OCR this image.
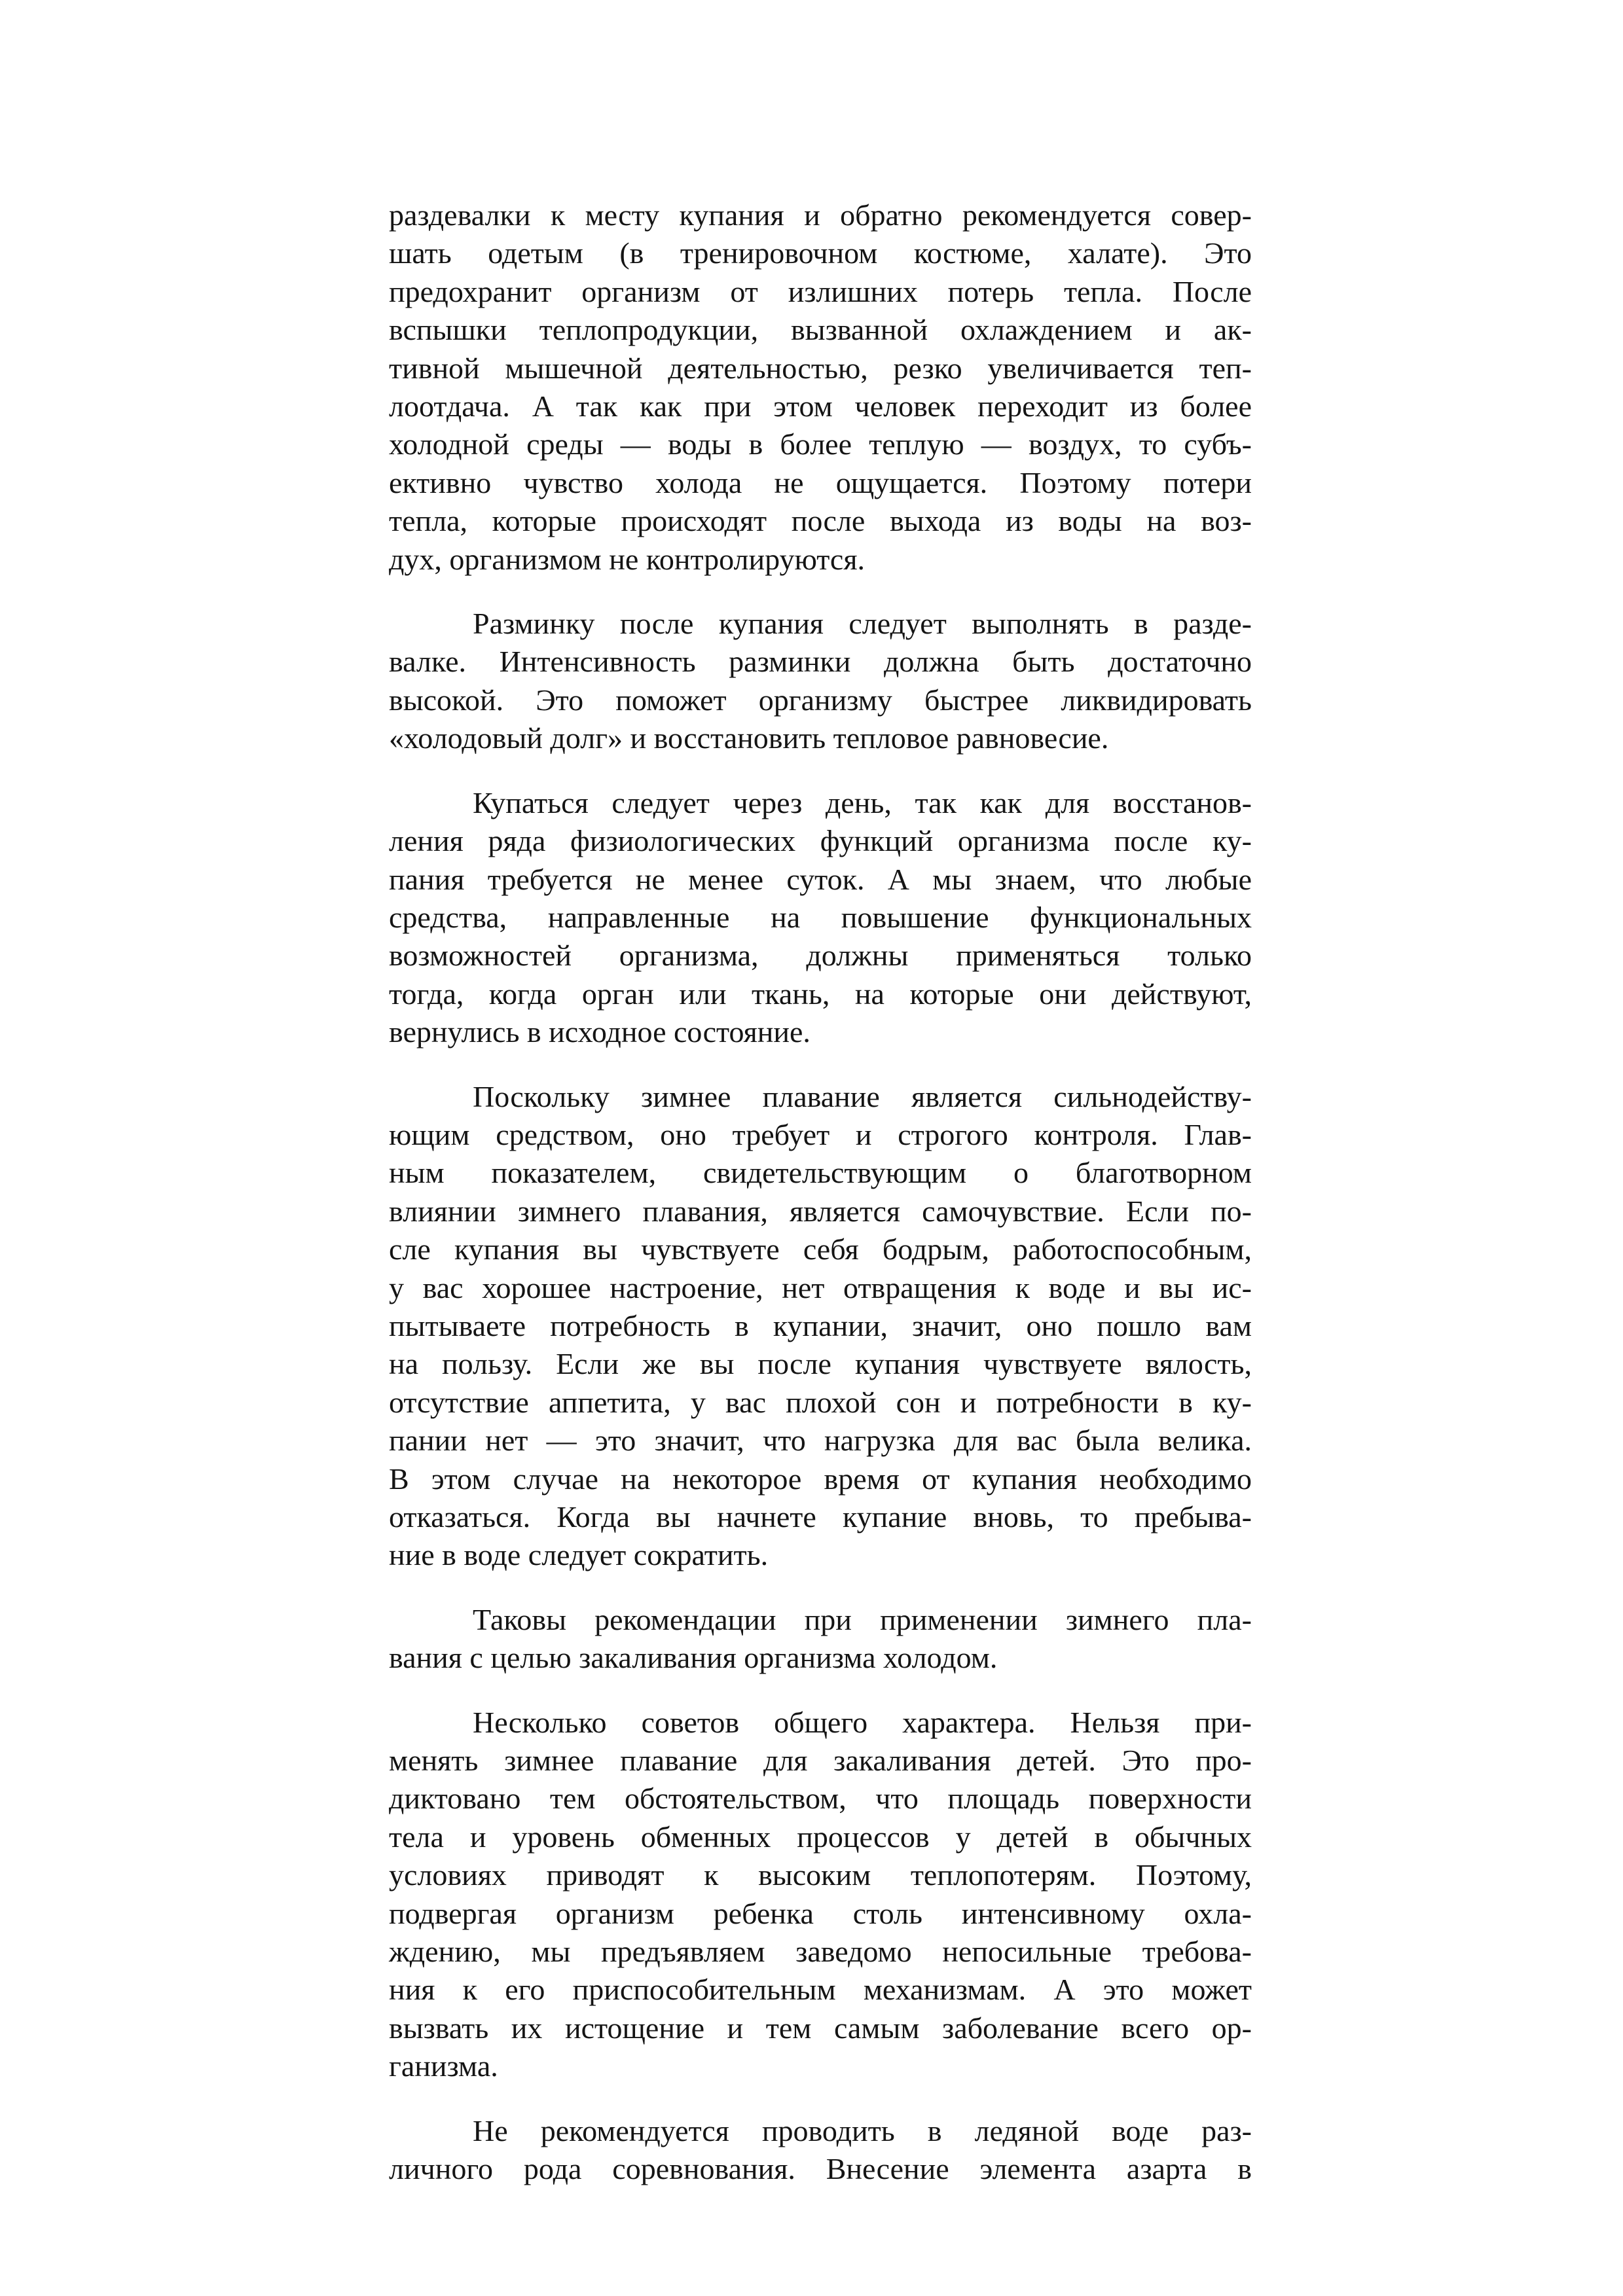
раздевалки к месту купания и обратно рекомендуется совер-
шать одетым (в тренировочном костюме, халате). Это
предохранит организм от излишних потерь тепла. После
вспышки теплопродукции, вызванной охлаждением и ак-
тивной мышечной деятельностью, резко увеличивается теп-
лоотдача. А так как при этом человек переходит из более
холодной среды — воды в более теплую — воздух, то субъ-
ективно чувство холода не ощущается. Поэтому потери
тепла, которые происходят после выхода из воды на воз-
дух, организмом не контролируются.
Разминку после купания следует выполнять в разде-
валке. Интенсивность разминки должна быть достаточно
высокой. Это поможет организму быстрее ликвидировать
«холодовый долг» и восстановить тепловое равновесие.
Купаться следует через день, так как для восстанов-
ления ряда физиологических функций организма после ку-
пания требуется не менее суток. А мы знаем, что любые
средства, направленные на повышение функциональных
возможностей организма, должны применяться только
тогда, когда орган или ткань, на которые они действуют,
вернулись в исходное состояние.
Поскольку зимнее плавание является сильнодейству-
ющим средством, оно требует и строгого контроля. Глав-
ным показателем, свидетельствующим о благотворном
влиянии зимнего плавания, является самочувствие. Если по-
сле купания вы чувствуете себя бодрым, работоспособным,
у вас хорошее настроение, нет отвращения к воде и вы ис-
пытываете потребность в купании, значит, оно пошло вам
на пользу. Если же вы после купания чувствуете вялость,
отсутствие аппетита, у вас плохой сон и потребности в ку-
пании нет — это значит, что нагрузка для вас была велика.
В этом случае на некоторое время от купания необходимо
отказаться. Когда вы начнете купание вновь, то пребыва-
ние в воде следует сократить.
Таковы рекомендации при применении зимнего пла-
вания с целью закаливания организма холодом.
Несколько советов общего характера. Нельзя при-
менять зимнее плавание для закаливания детей. Это про-
диктовано тем обстоятельством, что площадь поверхности
тела и уровень обменных процессов у детей в обычных
условиях приводят к высоким теплопотерям. Поэтому,
подвергая организм ребенка столь интенсивному охла-
ждению, мы предъявляем заведомо непосильные требова-
ния к его приспособительным механизмам. А это может
вызвать их истощение и тем самым заболевание всего ор-
ганизма.
Не рекомендуется проводить в ледяной воде раз-
личного рода соревнования. Внесение элемента азарта в
